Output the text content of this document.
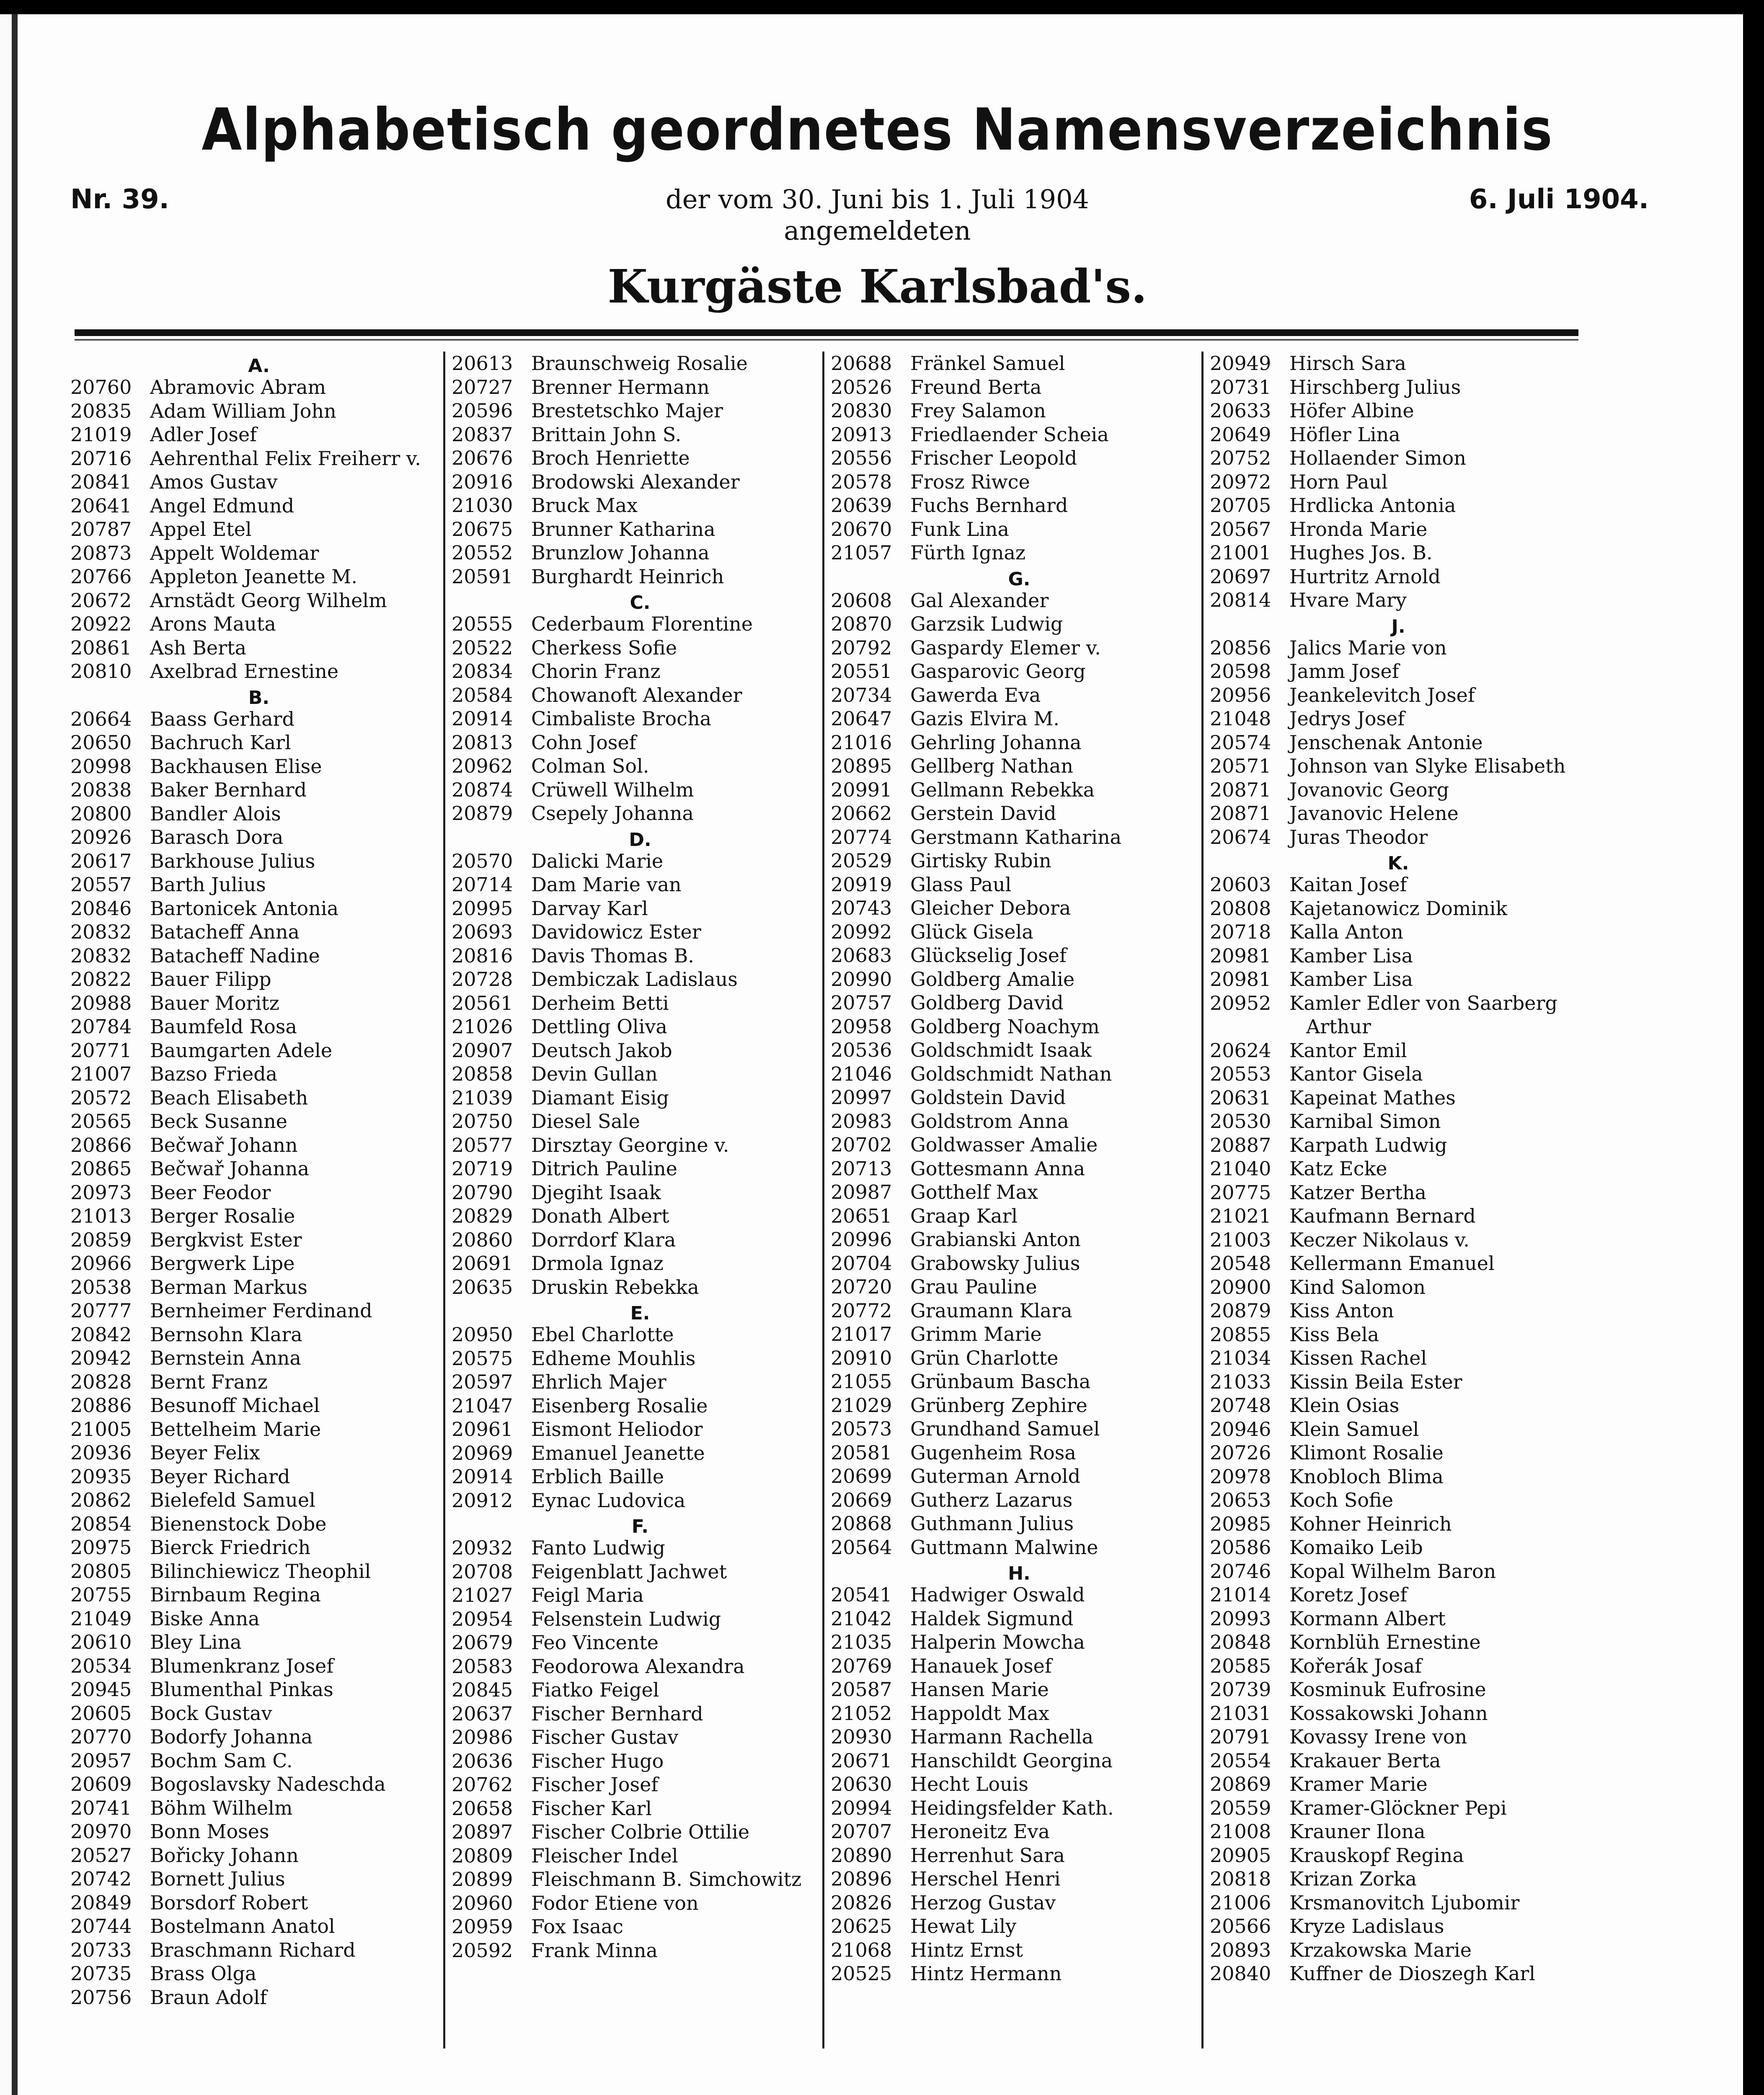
Alphabetisch geordnetes Namensverzeichnis
Nr. 39.	der vom 30. Juni bis 1. Juli 1904	6. Juli 1904.
angemeldeten
Kurgäste Karlsbad's.
A.
20760 Abramovic Abram
20835 Adam William John
21019 Adler Josef
20716 Aehrenthal Felix Freiherr v.
20841 Amos Gustav
20641 Angel Edmund
20787 Appel Etel
20873 Appelt Woldemar
20766 Appleton Jeanette M.
20672 Arnstädt Georg Wilhelm
20922 Arons Mauta
20861 Ash Berta
20810 Axelbrad Ernestine
B.
20664 Baass Gerhard
20650 Bachruch Karl
20998 Backhausen Elise
20838 Baker Bernhard
20800 Bandler Alois
20926 Barasch Dora
20617 Barkhouse Julius
20557 Barth Julius
20846 Bartonicek Antonia
20832 Batacheff Anna
20832 Batacheff Nadine
20822 Bauer Filipp
20988 Bauer Moritz
20784 Baumfeld Rosa
20771 Baumgarten Adele
21007 Bazso Frieda
20572 Beach Elisabeth
20565 Beck Susanne
20866 Bečwař Johann
20865 Bečwař Johanna
20973 Beer Feodor
21013 Berger Rosalie
20859 Bergkvist Ester
20966 Bergwerk Lipe
20538 Berman Markus
20777 Bernheimer Ferdinand
20842 Bernsohn Klara
20942 Bernstein Anna
20828 Bernt Franz
20886 Besunoff Michael
21005 Bettelheim Marie
20936 Beyer Felix
20935 Beyer Richard
20862 Bielefeld Samuel
20854 Bienenstock Dobe
20975 Bierck Friedrich
20805 Bilinchiewicz Theophil
20755 Birnbaum Regina
21049 Biske Anna
20610 Bley Lina
20534 Blumenkranz Josef
20945 Blumenthal Pinkas
20605 Bock Gustav
20770 Bodorfy Johanna
20957 Bochm Sam C.
20609 Bogoslavsky Nadeschda
20741 Böhm Wilhelm
20970 Bonn Moses
20527 Bořicky Johann
20742 Bornett Julius
20849 Borsdorf Robert
20744 Bostelmann Anatol
20733 Braschmann Richard
20735 Brass Olga
20756 Braun Adolf
20613 Braunschweig Rosalie
20727 Brenner Hermann
20596 Brestetschko Majer
20837 Brittain John S.
20676 Broch Henriette
20916 Brodowski Alexander
21030 Bruck Max
20675 Brunner Katharina
20552 Brunzlow Johanna
20591 Burghardt Heinrich
C.
20555 Cederbaum Florentine
20522 Cherkess Sofie
20834 Chorin Franz
20584 Chowanoft Alexander
20914 Cimbaliste Brocha
20813 Cohn Josef
20962 Colman Sol.
20874 Crüwell Wilhelm
20879 Csepely Johanna
D.
20570 Dalicki Marie
20714 Dam Marie van
20995 Darvay Karl
20693 Davidowicz Ester
20816 Davis Thomas B.
20728 Dembiczak Ladislaus
20561 Derheim Betti
21026 Dettling Oliva
20907 Deutsch Jakob
20858 Devin Gullan
21039 Diamant Eisig
20750 Diesel Sale
20577 Dirsztay Georgine v.
20719 Ditrich Pauline
20790 Djegiht Isaak
20829 Donath Albert
20860 Dorrdorf Klara
20691 Drmola Ignaz
20635 Druskin Rebekka
E.
20950 Ebel Charlotte
20575 Edheme Mouhlis
20597 Ehrlich Majer
21047 Eisenberg Rosalie
20961 Eismont Heliodor
20969 Emanuel Jeanette
20914 Erblich Baille
20912 Eynac Ludovica
F.
20932 Fanto Ludwig
20708 Feigenblatt Jachwet
21027 Feigl Maria
20954 Felsenstein Ludwig
20679 Feo Vincente
20583 Feodorowa Alexandra
20845 Fiatko Feigel
20637 Fischer Bernhard
20986 Fischer Gustav
20636 Fischer Hugo
20762 Fischer Josef
20658 Fischer Karl
20897 Fischer Colbrie Ottilie
20809 Fleischer Indel
20899 Fleischmann B. Simchowitz
20960 Fodor Etiene von
20959 Fox Isaac
20592 Frank Minna
20688 Fränkel Samuel
20526 Freund Berta
20830 Frey Salamon
20913 Friedlaender Scheia
20556 Frischer Leopold
20578 Frosz Riwce
20639 Fuchs Bernhard
20670 Funk Lina
21057 Fürth Ignaz
G.
20608 Gal Alexander
20870 Garzsik Ludwig
20792 Gaspardy Elemer v.
20551 Gasparovic Georg
20734 Gawerda Eva
20647 Gazis Elvira M.
21016 Gehrling Johanna
20895 Gellberg Nathan
20991 Gellmann Rebekka
20662 Gerstein David
20774 Gerstmann Katharina
20529 Girtisky Rubin
20919 Glass Paul
20743 Gleicher Debora
20992 Glück Gisela
20683 Glückselig Josef
20990 Goldberg Amalie
20757 Goldberg David
20958 Goldberg Noachym
20536 Goldschmidt Isaak
21046 Goldschmidt Nathan
20997 Goldstein David
20983 Goldstrom Anna
20702 Goldwasser Amalie
20713 Gottesmann Anna
20987 Gotthelf Max
20651 Graap Karl
20996 Grabianski Anton
20704 Grabowsky Julius
20720 Grau Pauline
20772 Graumann Klara
21017 Grimm Marie
20910 Grün Charlotte
21055 Grünbaum Bascha
21029 Grünberg Zephire
20573 Grundhand Samuel
20581 Gugenheim Rosa
20699 Guterman Arnold
20669 Gutherz Lazarus
20868 Guthmann Julius
20564 Guttmann Malwine
H.
20541 Hadwiger Oswald
21042 Haldek Sigmund
21035 Halperin Mowcha
20769 Hanauek Josef
20587 Hansen Marie
21052 Happoldt Max
20930 Harmann Rachella
20671 Hanschildt Georgina
20630 Hecht Louis
20994 Heidingsfelder Kath.
20707 Heroneitz Eva
20890 Herrenhut Sara
20896 Herschel Henri
20826 Herzog Gustav
20625 Hewat Lily
21068 Hintz Ernst
20525 Hintz Hermann
20949 Hirsch Sara
20731 Hirschberg Julius
20633 Höfer Albine
20649 Höfler Lina
20752 Hollaender Simon
20972 Horn Paul
20705 Hrdlicka Antonia
20567 Hronda Marie
21001 Hughes Jos. B.
20697 Hurtritz Arnold
20814 Hvare Mary
J.
20856 Jalics Marie von
20598 Jamm Josef
20956 Jeankelevitch Josef
21048 Jedrys Josef
20574 Jenschenak Antonie
20571 Johnson van Slyke Elisabeth
20871 Jovanovic Georg
20871 Javanovic Helene
20674 Juras Theodor
K.
20603 Kaitan Josef
20808 Kajetanowicz Dominik
20718 Kalla Anton
20981 Kamber Lisa
20981 Kamber Lisa
20952 Kamler Edler von Saarberg
Arthur
20624 Kantor Emil
20553 Kantor Gisela
20631 Kapeinat Mathes
20530 Karnibal Simon
20887 Karpath Ludwig
21040 Katz Ecke
20775 Katzer Bertha
21021 Kaufmann Bernard
21003 Keczer Nikolaus v.
20548 Kellermann Emanuel
20900 Kind Salomon
20879 Kiss Anton
20855 Kiss Bela
21034 Kissen Rachel
21033 Kissin Beila Ester
20748 Klein Osias
20946 Klein Samuel
20726 Klimont Rosalie
20978 Knobloch Blima
20653 Koch Sofie
20985 Kohner Heinrich
20586 Komaiko Leib
20746 Kopal Wilhelm Baron
21014 Koretz Josef
20993 Kormann Albert
20848 Kornblüh Ernestine
20585 Kořerák Josaf
20739 Kosminuk Eufrosine
21031 Kossakowski Johann
20791 Kovassy Irene von
20554 Krakauer Berta
20869 Kramer Marie
20559 Kramer-Glöckner Pepi
21008 Krauner Ilona
20905 Krauskopf Regina
20818 Krizan Zorka
21006 Krsmanovitch Ljubomir
20566 Kryze Ladislaus
20893 Krzakowska Marie
20840 Kuffner de Dioszegh Karl
